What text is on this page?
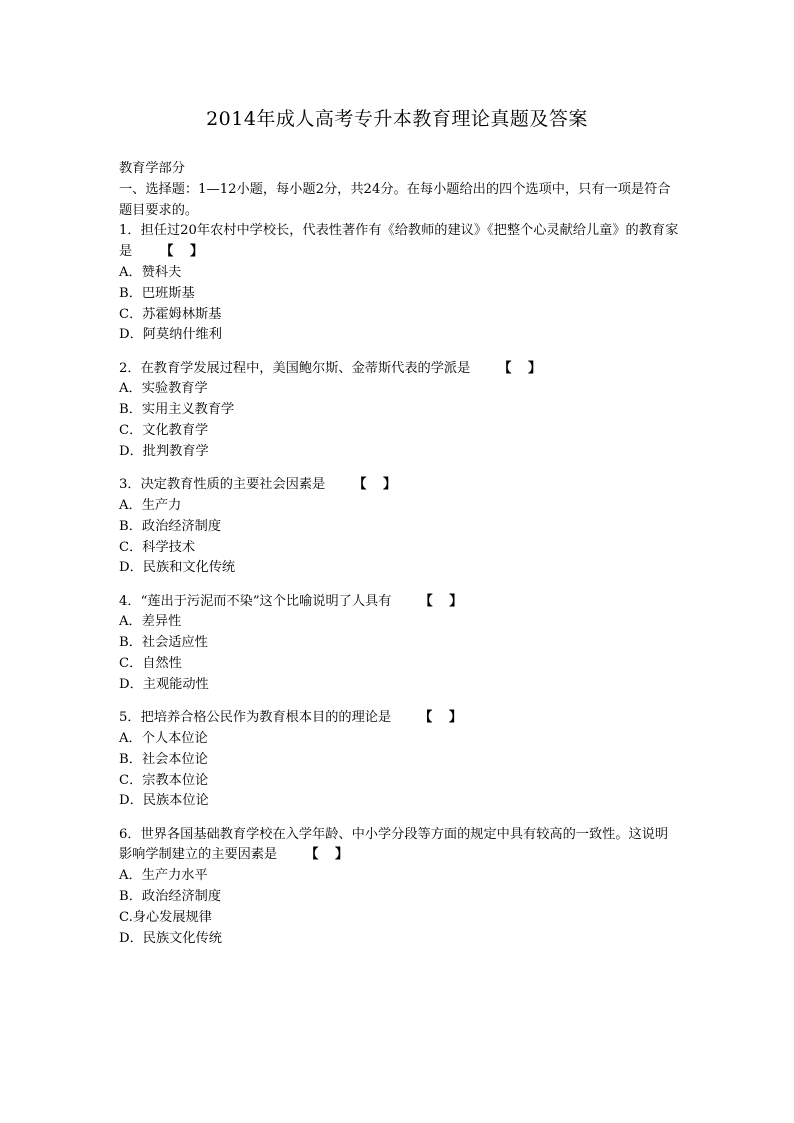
2014年成人高考专升本教育理论真题及答案
教育学部分
一、选择题：1—12小题，每小题2分，共24分。在每小题给出的四个选项中，只有一项是符合题目要求的。
1．担任过20年农村中学校长，代表性著作有《给教师的建议》《把整个心灵献给儿童》的教育家是 【 】
A．赞科夫
B．巴班斯基
C．苏霍姆林斯基
D．阿莫纳什维利
2．在教育学发展过程中，美国鲍尔斯、金蒂斯代表的学派是 【 】
A．实验教育学
B．实用主义教育学
C．文化教育学
D．批判教育学
3．决定教育性质的主要社会因素是 【 】
A．生产力
B．政治经济制度
C．科学技术
D．民族和文化传统
4．“莲出于污泥而不染”这个比喻说明了人具有 【 】
A．差异性
B．社会适应性
C．自然性
D．主观能动性
5．把培养合格公民作为教育根本目的的理论是 【 】
A．个人本位论
B．社会本位论
C．宗教本位论
D．民族本位论
6．世界各国基础教育学校在入学年龄、中小学分段等方面的规定中具有较高的一致性。这说明影响学制建立的主要因素是 【 】
A．生产力水平
B．政治经济制度
C.身心发展规律
D．民族文化传统
